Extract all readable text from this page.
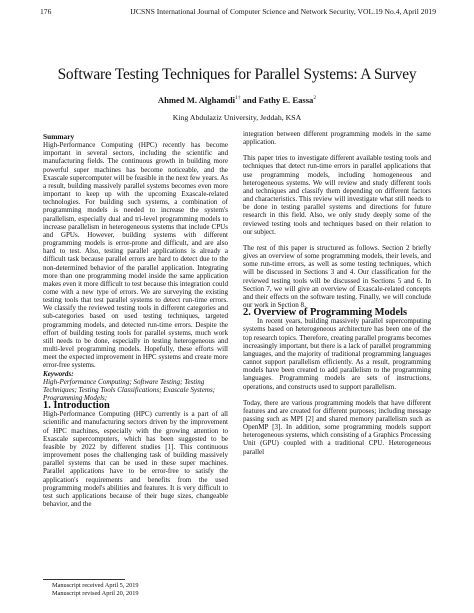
176	IJCSNS International Journal of Computer Science and Network Security, VOL.19 No.4, April 2019
Software Testing Techniques for Parallel Systems: A Survey
Ahmed M. Alghamdi$^{1\dagger}$ and Fathy E. Eassa$^2$
King Abdulaziz University, Jeddah, KSA

Summary

High-Performance Computing (HPC) recently has become important in several sectors, including the scientific and manufacturing fields. The continuous growth in building more powerful super machines has become noticeable, and the Exascale supercomputer will be feasible in the next few years. As a result, building massively parallel systems becomes even more important to keep up with the upcoming Exascale-related technologies. For building such systems, a combination of programming models is needed to increase the system's parallelism, especially dual and tri-level programming models to increase parallelism in heterogeneous systems that include CPUs and GPUs. However, building systems with different programming models is error-prone and difficult, and are also hard to test. Also, testing parallel applications is already a difficult task because parallel errors are hard to detect due to the non-determined behavior of the parallel application. Integrating more than one programming model inside the same application makes even it more difficult to test because this integration could come with a new type of errors. We are surveying the existing testing tools that test parallel systems to detect run-time errors. We classify the reviewed testing tools in different categories and sub-categories based on used testing techniques, targeted programming models, and detected run-time errors. Despite the effort of building testing tools for parallel systems, much work still needs to be done, especially in testing heterogeneous and multi-level programming models. Hopefully, these efforts will meet the expected improvement in HPC systems and create more error-free systems.

Keywords:

High-Performance Computing; Software Testing; Testing Techniques; Testing Tools Classifications; Exascale Systems; Programming Models;

1. Introduction

High-Performance Computing (HPC) currently is a part of all scientific and manufacturing sectors driven by the improvement of HPC machines, especially with the growing attention to Exascale supercomputers, which has been suggested to be feasible by 2022 by different studies [1]. This continuous improvement poses the challenging task of building massively parallel systems that can be used in these super machines. Parallel applications have to be error-free to satisfy the application's requirements and benefits from the used programming model's abilities and features. It is very difficult to test such applications because of their huge sizes, changeable behavior, and the

integration between different programming models in the same application.

This paper tries to investigate different available testing tools and techniques that detect run-time errors in parallel applications that use programming models, including homogeneous and heterogeneous systems. We will review and study different tools and techniques and classify them depending on different factors and characteristics. This review will investigate what still needs to be done in testing parallel systems and directions for future research in this field. Also, we only study deeply some of the reviewed testing tools and techniques based on their relation to our subject.

The rest of this paper is structured as follows. Section 2 briefly gives an overview of some programming models, their levels, and some run-time errors, as well as some testing techniques, which will be discussed in Sections 3 and 4. Our classification for the reviewed testing tools will be discussed in Sections 5 and 6. In Section 7, we will give an overview of Exascale-related concepts and their effects on the software testing. Finally, we will conclude our work in Section 8.

2. Overview of Programming Models

In recent years, building massively parallel supercomputing systems based on heterogeneous architecture has been one of the top research topics. Therefore, creating parallel programs becomes increasingly important, but there is a lack of parallel programming languages, and the majority of traditional programming languages cannot support parallelism efficiently. As a result, programming models have been created to add parallelism to the programming languages. Programming models are sets of instructions, operations, and constructs used to support parallelism.

Today, there are various programming models that have different features and are created for different purposes; including message passing such as MPI [2] and shared memory parallelism such as OpenMP [3]. In addition, some programming models support heterogeneous systems, which consisting of a Graphics Processing Unit (GPU) coupled with a traditional CPU. Heterogeneous parallel

Manuscript received April 5, 2019
Manuscript revised April 20, 2019
